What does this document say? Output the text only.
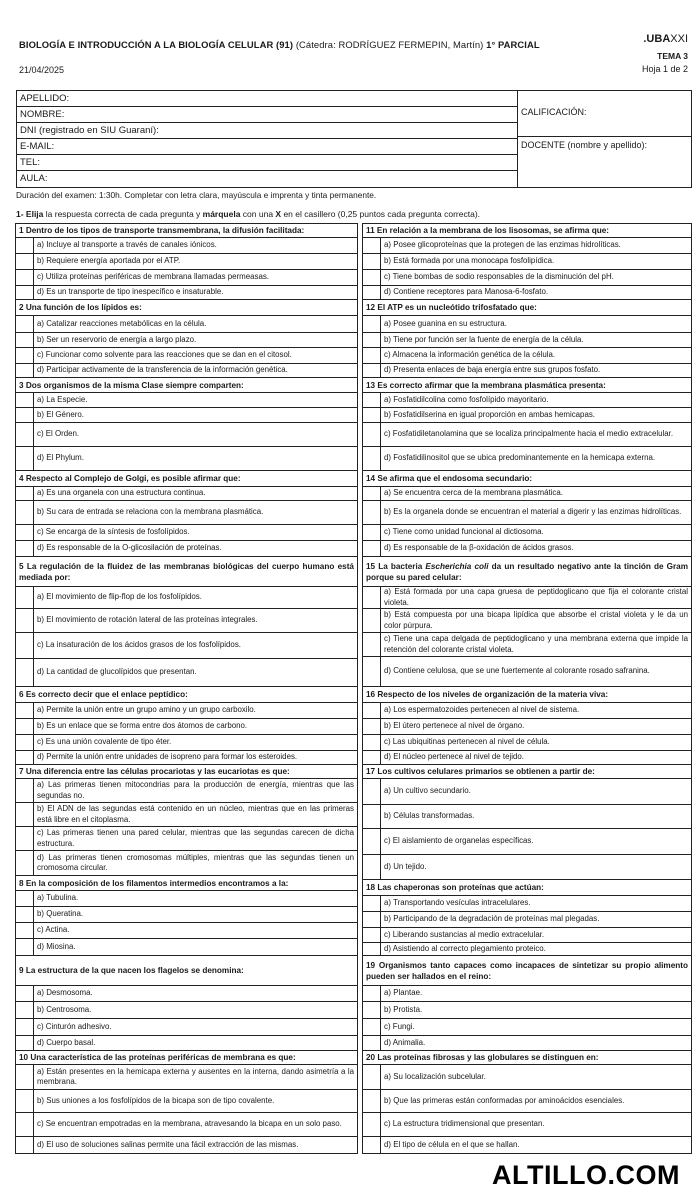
BIOLOGÍA E INTRODUCCIÓN A LA BIOLOGÍA CELULAR (91) (Cátedra: RODRÍGUEZ FERMEPIN, Martín) 1° PARCIAL
21/04/2025
.UBAXXI
TEMA 3
Hoja 1 de 2
APELLIDO:
NOMBRE:
DNI (registrado en SIU Guaraní):
E-MAIL:
TEL:
AULA:
CALIFICACIÓN:
DOCENTE (nombre y apellido):
Duración del examen: 1:30h. Completar con letra clara, mayúscula e imprenta y tinta permanente.
1- Elija la respuesta correcta de cada pregunta y márquela con una X en el casillero (0,25 puntos cada pregunta correcta).
1 Dentro de los tipos de transporte transmembrana, la difusión facilitada:
a) Incluye al transporte a través de canales iónicos.
b) Requiere energía aportada por el ATP.
c) Utiliza proteínas periféricas de membrana llamadas permeasas.
d) Es un transporte de tipo inespecífico e insaturable.
2 Una función de los lípidos es:
a) Catalizar reacciones metabólicas en la célula.
b) Ser un reservorio de energía a largo plazo.
c) Funcionar como solvente para las reacciones que se dan en el citosol.
d) Participar activamente de la transferencia de la información genética.
3 Dos organismos de la misma Clase siempre comparten:
a) La Especie.
b) El Género.
c) El Orden.
d) El Phylum.
4 Respecto al Complejo de Golgi, es posible afirmar que:
a) Es una organela con una estructura continua.
b) Su cara de entrada se relaciona con la membrana plasmática.
c) Se encarga de la síntesis de fosfolípidos.
d) Es responsable de la O-glicosilación de proteínas.
5 La regulación de la fluidez de las membranas biológicas del cuerpo humano está mediada por:
a) El movimiento de flip-flop de los fosfolípidos.
b) El movimiento de rotación lateral de las proteínas integrales.
c) La insaturación de los ácidos grasos de los fosfolípidos.
d) La cantidad de glucolípidos que presentan.
6 Es correcto decir que el enlace peptídico:
a) Permite la unión entre un grupo amino y un grupo carboxilo.
b) Es un enlace que se forma entre dos átomos de carbono.
c) Es una unión covalente de tipo éter.
d) Permite la unión entre unidades de isopreno para formar los esteroides.
7 Una diferencia entre las células procariotas y las eucariotas es que:
a) Las primeras tienen mitocondrias para la producción de energía, mientras que las segundas no.
b) El ADN de las segundas está contenido en un núcleo, mientras que en las primeras está libre en el citoplasma.
c) Las primeras tienen una pared celular, mientras que las segundas carecen de dicha estructura.
d) Las primeras tienen cromosomas múltiples, mientras que las segundas tienen un cromosoma circular.
8 En la composición de los filamentos intermedios encontramos a la:
a) Tubulina.
b) Queratina.
c) Actina.
d) Miosina.
9 La estructura de la que nacen los flagelos se denomina:
a) Desmosoma.
b) Centrosoma.
c) Cinturón adhesivo.
d) Cuerpo basal.
10 Una característica de las proteínas periféricas de membrana es que:
a) Están presentes en la hemicapa externa y ausentes en la interna, dando asimetría a la membrana.
b) Sus uniones a los fosfolípidos de la bicapa son de tipo covalente.
c) Se encuentran empotradas en la membrana, atravesando la bicapa en un solo paso.
d) El uso de soluciones salinas permite una fácil extracción de las mismas.
11 En relación a la membrana de los lisosomas, se afirma que:
a) Posee glicoproteínas que la protegen de las enzimas hidrolíticas.
b) Está formada por una monocapa fosfolipídica.
c) Tiene bombas de sodio responsables de la disminución del pH.
d) Contiene receptores para Manosa-6-fosfato.
12 El ATP es un nucleótido trifosfatado que:
a) Posee guanina en su estructura.
b) Tiene por función ser la fuente de energía de la célula.
c) Almacena la información genética de la célula.
d) Presenta enlaces de baja energía entre sus grupos fosfato.
13 Es correcto afirmar que la membrana plasmática presenta:
a) Fosfatidilcolina como fosfolípido mayoritario.
b) Fosfatidilserina en igual proporción en ambas hemicapas.
c) Fosfatidiletanolamina que se localiza principalmente hacia el medio extracelular.
d) Fosfatidilinositol que se ubica predominantemente en la hemicapa externa.
14 Se afirma que el endosoma secundario:
a) Se encuentra cerca de la membrana plasmática.
b) Es la organela donde se encuentran el material a digerir y las enzimas hidrolíticas.
c) Tiene como unidad funcional al dictiosoma.
d) Es responsable de la β-oxidación de ácidos grasos.
15 La bacteria Escherichia coli da un resultado negativo ante la tinción de Gram porque su pared celular:
a) Está formada por una capa gruesa de peptidoglicano que fija el colorante cristal violeta.
b) Está compuesta por una bicapa lipídica que absorbe el cristal violeta y le da un color púrpura.
c) Tiene una capa delgada de peptidoglicano y una membrana externa que impide la retención del colorante cristal violeta.
d) Contiene celulosa, que se une fuertemente al colorante rosado safranina.
16 Respecto de los niveles de organización de la materia viva:
a) Los espermatozoides pertenecen al nivel de sistema.
b) El útero pertenece al nivel de órgano.
c) Las ubiquitinas pertenecen al nivel de célula.
d) El núcleo pertenece al nivel de tejido.
17 Los cultivos celulares primarios se obtienen a partir de:
a) Un cultivo secundario.
b) Células transformadas.
c) El aislamiento de organelas específicas.
d) Un tejido.
18 Las chaperonas son proteínas que actúan:
a) Transportando vesículas intracelulares.
b) Participando de la degradación de proteínas mal plegadas.
c) Liberando sustancias al medio extracelular.
d) Asistiendo al correcto plegamiento proteico.
19 Organismos tanto capaces como incapaces de sintetizar su propio alimento pueden ser hallados en el reino:
a) Plantae.
b) Protista.
c) Fungi.
d) Animalia.
20 Las proteínas fibrosas y las globulares se distinguen en:
a) Su localización subcelular.
b) Que las primeras están conformadas por aminoácidos esenciales.
c) La estructura tridimensional que presentan.
d) El tipo de célula en el que se hallan.
ALTILLO.COM
